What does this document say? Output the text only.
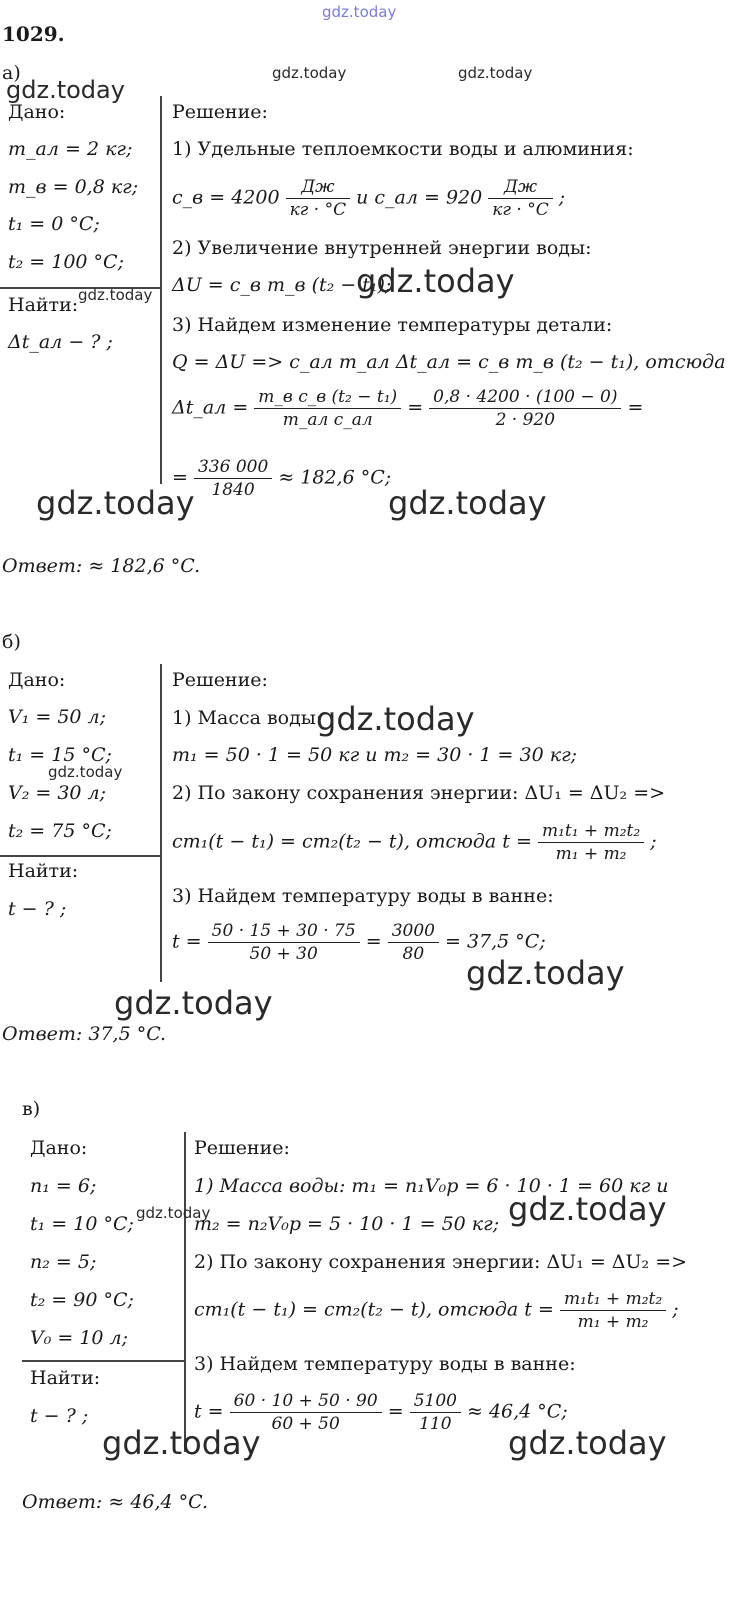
gdz.today
1029.
а)	gdz.today	gdz.today
Дано:
gdz.today
m_ал = 2 кг;
m_в = 0,8 кг;
t₁ = 0 °C;
t₂ = 100 °C;
Найти: gdz.today
Δt_ал − ? ;
Решение:
1) Удельные теплоемкости воды и алюминия:
c_в = $4200 \frac{Дж}{кг \cdot ^\circ C}$ и c_ал = $920 \frac{Дж}{кг \cdot ^\circ C}$ ;
2) Увеличение внутренней энергии воды:
ΔU = c_в m_в (t₂ − t₁);
gdz.today
3) Найдем изменение температуры детали:
Q = ΔU => c_ал m_ал Δt_ал = c_в m_в (t₂ − t₁), отсюда
Δt_ал = $\frac{\text{m\_в c\_в (t₂ − t₁)}}{\text{m\_ал c\_ал}} = \frac{0,8 \cdot 4200 \cdot (100 - 0)}{2 \cdot 920}$ =
= $\frac{336 000}{1840} \approx 182,6$ °C;
gdz.today	gdz.today
Ответ: ≈ 182,6 °C.
б)
Дано:
V₁ = 50 л;
t₁ = 15 °C;
gdz.today
V₂ = 30 л;
t₂ = 75 °C;
Найти:
t − ? ;
Решение:
1) Масса воды:
gdz.today
m₁ = 50 · 1 = 50 кг и m₂ = 30 · 1 = 30 кг;
2) По закону сохранения энергии: ΔU₁ = ΔU₂ =>
cm₁(t − t₁) = cm₂(t₂ − t), отсюда $t = \frac{\text{m₁t₁ + m₂t₂}}{\text{m₁ + m₂}}$ ;
3) Найдем температуру воды в ванне:
$t = \frac{50 \cdot 15 + 30 \cdot 75}{50 + 30} = \frac{3000}{80} = 37,5$ °C;
gdz.today
gdz.today
Ответ: 37,5 °C.
в)
Дано:
n₁ = 6;
t₁ = 10 °C; gdz.today
n₂ = 5;
t₂ = 90 °C;
V₀ = 10 л;
Найти:
t − ? ;
Решение:
1) Масса воды: m₁ = n₁V₀p = 6 · 10 · 1 = 60 кг и
m₂ = n₂V₀p = 5 · 10 · 1 = 50 кг; gdz.today
2) По закону сохранения энергии: ΔU₁ = ΔU₂ =>
cm₁(t − t₁) = cm₂(t₂ − t), отсюда $t = \frac{\text{m₁t₁ + m₂t₂}}{\text{m₁ + m₂}}$ ;
3) Найдем температуру воды в ванне:
$t = \frac{60 \cdot 10 + 50 \cdot 90}{60 + 50} = \frac{5100}{110} \approx 46,4$ °C;
gdz.today	gdz.today
Ответ: ≈ 46,4 °C.
